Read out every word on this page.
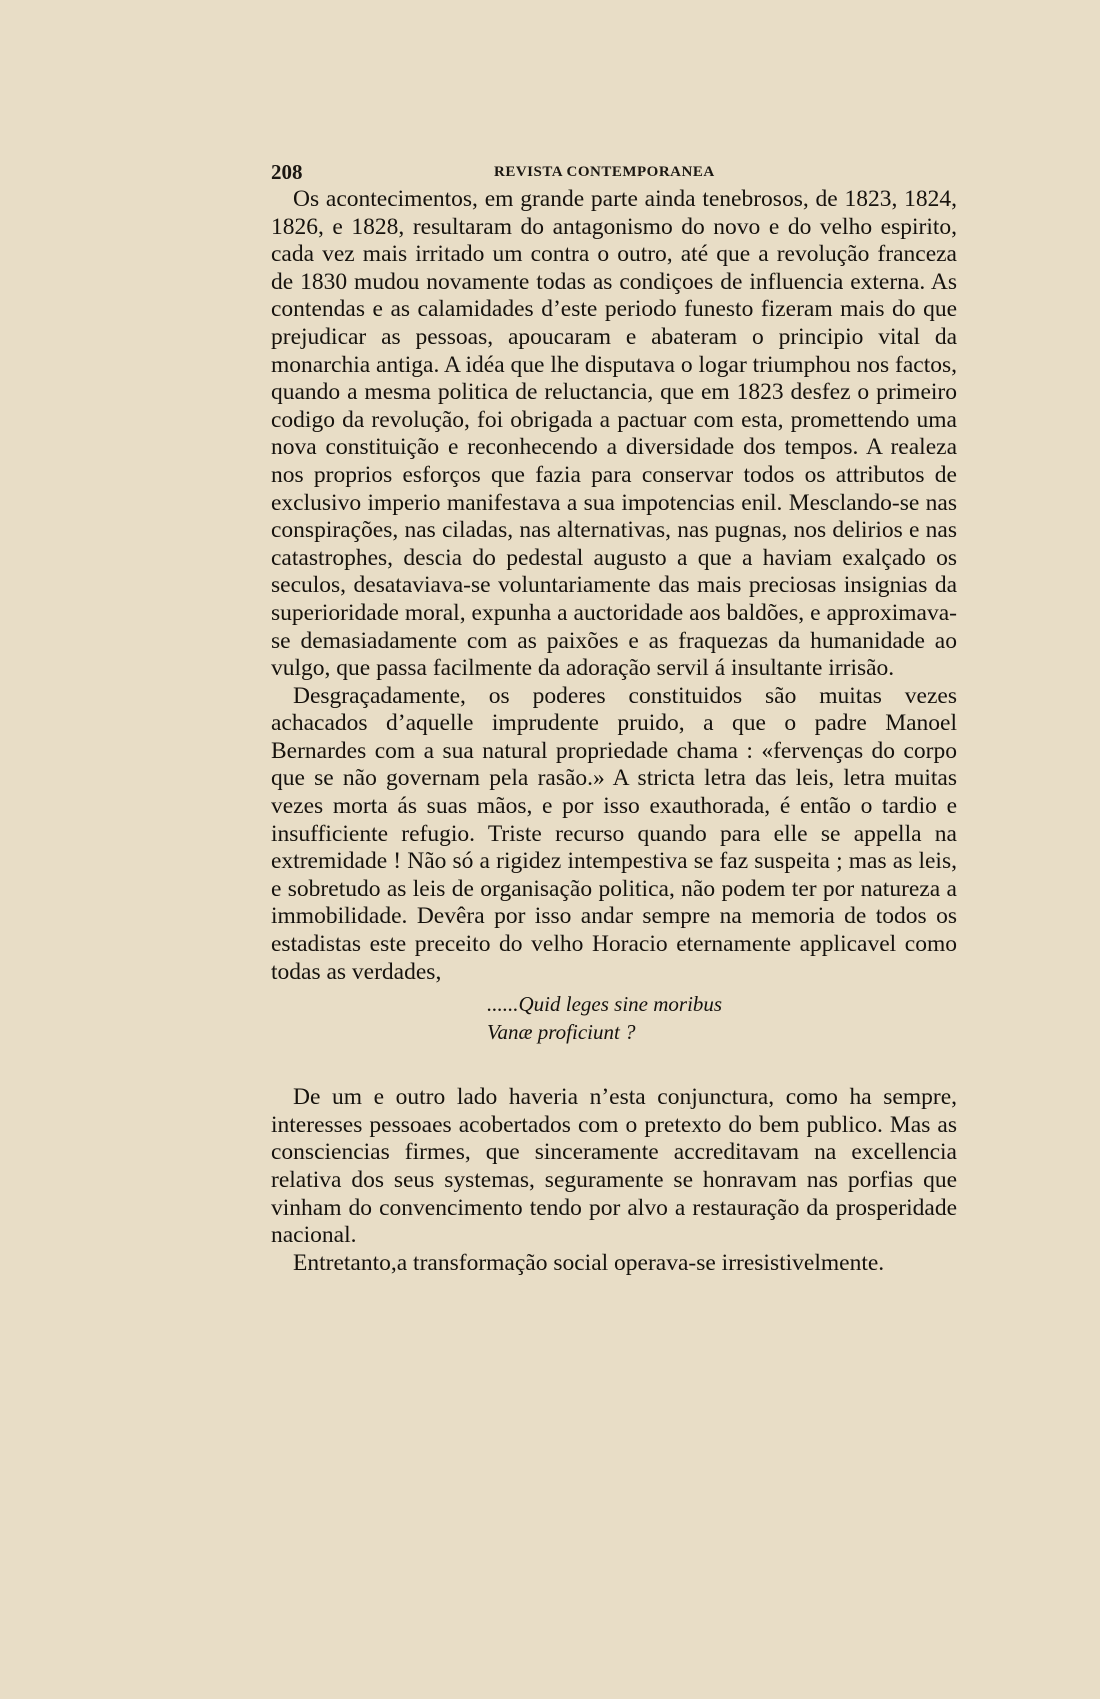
208	REVISTA CONTEMPORANEA

Os acontecimentos, em grande parte ainda tenebrosos, de 1823, 1824, 1826, e 1828, resultaram do antagonismo do novo e do velho espirito, cada vez mais irritado um contra o outro, até que a revolução franceza de 1830 mudou novamente todas as condiçoes de influencia externa. As contendas e as calamidades d’este periodo funesto fizeram mais do que prejudicar as pessoas, apoucaram e abateram o principio vital da monarchia antiga. A idéa que lhe disputava o logar triumphou nos factos, quando a mesma politica de reluctancia, que em 1823 desfez o primeiro codigo da revolução, foi obrigada a pactuar com esta, promettendo uma nova constituição e reconhecendo a diversidade dos tempos. A realeza nos proprios esforços que fazia para conservar todos os attributos de exclusivo imperio manifestava a sua impotencias enil. Mesclando-se nas conspirações, nas ciladas, nas alternativas, nas pugnas, nos delirios e nas catastrophes, descia do pedestal augusto a que a haviam exalçado os seculos, desataviava-se voluntariamente das mais preciosas insignias da superioridade moral, expunha a auctoridade aos baldões, e approximava-se demasiadamente com as paixões e as fraquezas da humanidade ao vulgo, que passa facilmente da adoração servil á insultante irrisão.

Desgraçadamente, os poderes constituidos são muitas vezes achacados d’aquelle imprudente pruido, a que o padre Manoel Bernardes com a sua natural propriedade chama : «fervenças do corpo que se não governam pela rasão.» A stricta letra das leis, letra muitas vezes morta ás suas mãos, e por isso exauthorada, é então o tardio e insufficiente refugio. Triste recurso quando para elle se appella na extremidade ! Não só a rigidez intempestiva se faz suspeita ; mas as leis, e sobretudo as leis de organisação politica, não podem ter por natureza a immobilidade. Devêra por isso andar sempre na memoria de todos os estadistas este preceito do velho Horacio eternamente applicavel como todas as verdades,

......Quid leges sine moribus
Vanæ proficiunt ?

De um e outro lado haveria n’esta conjunctura, como ha sempre, interesses pessoaes acobertados com o pretexto do bem publico. Mas as consciencias firmes, que sinceramente accreditavam na excellencia relativa dos seus systemas, seguramente se honravam nas porfias que vinham do convencimento tendo por alvo a restauração da prosperidade nacional.

Entretanto,a transformação social operava-se irresistivelmente.
